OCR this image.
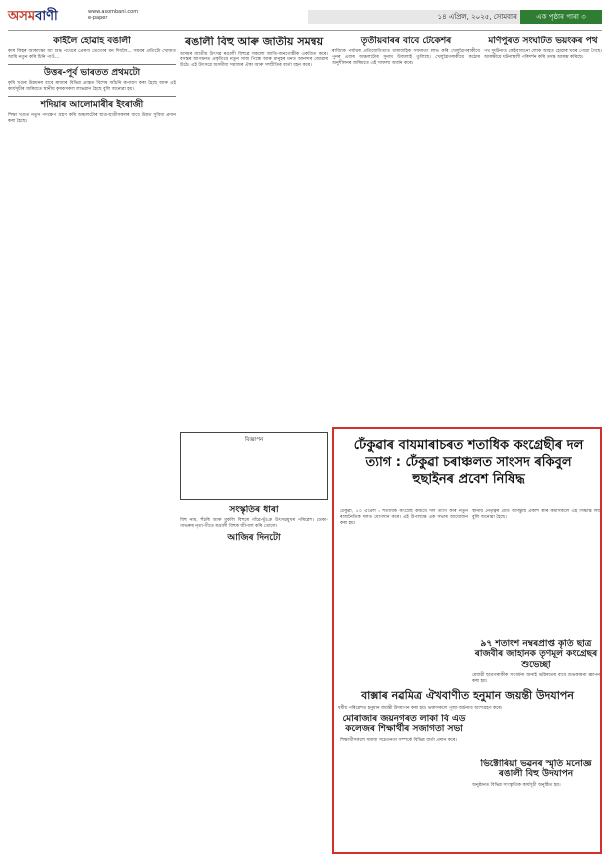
অসমবাণী	www.asombani.com
e-paper	১৪ এপ্ৰিল, ২০২৫, সোমবাৰ	এক পৃষ্ঠাৰ পাৰা ৩
কাইলৈ হোৱাহ বঙালী

কাৰ কিহৰ আকাংক্ষা আ শুদ্ধ পথেৰে প্ৰেৰণা তেতোৰ মন দিবলৈ... সময়ৰ প্ৰতিটো খোজত আমি নতুন কৰি চিনি পাওঁ...

উত্তৰ-পূৰ্ব ভাৰতত প্ৰথমটো

কৃষি খণ্ডৰ উন্নয়নৰ বাবে ৰাজ্যৰ বিভিন্ন প্ৰান্তত বিশেষ আঁচনি ৰূপায়ণ কৰা হৈছে আৰু এই কাৰ্যসূচীৰ জৰিয়তে স্থানীয় কৃষকসকল লাভৱান হৈছে বুলি জনোৱা হয়।

শদিয়াৰ আলোমাৰীৰ ইংৰাজী

শিক্ষা খণ্ডত নতুন পদক্ষেপ গ্ৰহণ কৰি অঞ্চলটোৰ ছাত্ৰ-ছাত্ৰীসকলৰ বাবে উন্নত সুবিধা প্ৰদান কৰা হৈছে।

ৰঙালী বিহু আৰু জাতীয় সমন্বয়

অসমৰ জাতীয় উৎসৱ ৰঙালী বিহুৱে সকলো জাতি-জনগোষ্ঠীক একত্ৰিত কৰে। বসন্তৰ আগমনত প্ৰকৃতিয়ে নতুন সাজ পিন্ধে আৰু মানুহৰ মনত আনন্দৰ জোৱাৰ উঠে। এই উৎসৱে অসমীয়া সমাজৰ ঐক্য আৰু সম্প্ৰীতিৰ বাৰ্তা বহন কৰে।

বিজ্ঞাপন
সংস্কৃতিৰ ধাৰা

বিহু নাম, হুঁচৰি আৰু মুকলি বিহুৰে গাঁৱে-ভূঁঞে উৎসৱমুখৰ পৰিৱেশ। ডেকা-গাভৰুৰ নৃত্য-গীতে ৰঙালী বিহুক জীপাল কৰি তোলে।

আজিৰ দিনটো
তৃতীয়বাৰৰ বাবে টেকেশৰ

ৰাজ্যিক পৰ্যায়ৰ প্ৰতিযোগিতাত ধাৰাবাহিক সফলতা লাভ কৰি খেলুৱৈগৰাকীয়ে পুনৰ এবাৰ অঞ্চলটোৰ সুনাম উজলাই তুলিছে। খেলুৱৈগৰাকীয়ে কঠোৰ অনুশীলনৰ জৰিয়তে এই সাফল্য অৰ্জন কৰে।

মণিপুৰত সংঘটিত ভয়ংকৰ পথ

পথ দুৰ্ঘটনাত কেইবাজনো লোক আহত হোৱাৰ খবৰ পোৱা গৈছে। আৰক্ষীয়ে ঘটনাস্থলী পৰিদৰ্শন কৰি তদন্ত আৰম্ভ কৰিছে।

ঢেঁকুৱাৰ বাযমাৰাচৰত শতাধিক কংগ্ৰেছীৰ দল ত্যাগ : ঢেঁকুৱা চৰাঞ্চলত সাংসদ ৰকিবুল হুছাইনৰ প্ৰবেশ নিষিদ্ধ

ঢেঁকুৱা, ১৩ এপ্ৰিল : শতাধিক কংগ্ৰেছ কৰ্মীয়ে দল ত্যাগ কৰি নতুন ৰাজনৈতিক দলত যোগদান কৰে। এই উপলক্ষে এক সভাৰ আয়োজন কৰা হয়।

স্থানীয় নেতৃত্বৰ প্ৰতি অসন্তুষ্টি প্ৰকাশ কৰি কৰ্মীসকলে এই সিদ্ধান্ত লয় বুলি জনোৱা হৈছে।

৯৭ শতাংশ নম্বৰপ্ৰাপ্ত কৃতি ছাত্ৰ ৰাজবীৰ জাহানক তৃণমূল কংগ্ৰেছৰ শুভেচ্ছা

মেধাৱী ছাত্ৰগৰাকীক সংবৰ্ধনা জনাই ভৱিষ্যতৰ বাবে শুভকামনা জ্ঞাপন কৰা হয়।

মোৰাজাৰ জয়নগৰত লাকা বি এড কলেজৰ শিক্ষাৰ্থীৰ সজাগতা সভা

শিক্ষাৰ্থীসকলে সমাজ সচেতনতা সম্পৰ্কে বিভিন্ন বাৰ্তা প্ৰদান কৰে।

ভিক্টোৰিয়া ভৱনৰ স্মৃতি মনোজ্ঞ ৰঙালী বিহু উদযাপন

অনুষ্ঠানত বিভিন্ন সাংস্কৃতিক কাৰ্যসূচী অনুষ্ঠিত হয়।

বাক্সাৰ নৱমিত্ৰ ঐখবাণীত হনুমান জয়ন্তী উদযাপন

ধৰ্মীয় পৰিৱেশত হনুমান জয়ন্তী উদযাপন কৰা হয়। ভক্তসকলে পূজা-অৰ্চনাত অংশগ্ৰহণ কৰে।
